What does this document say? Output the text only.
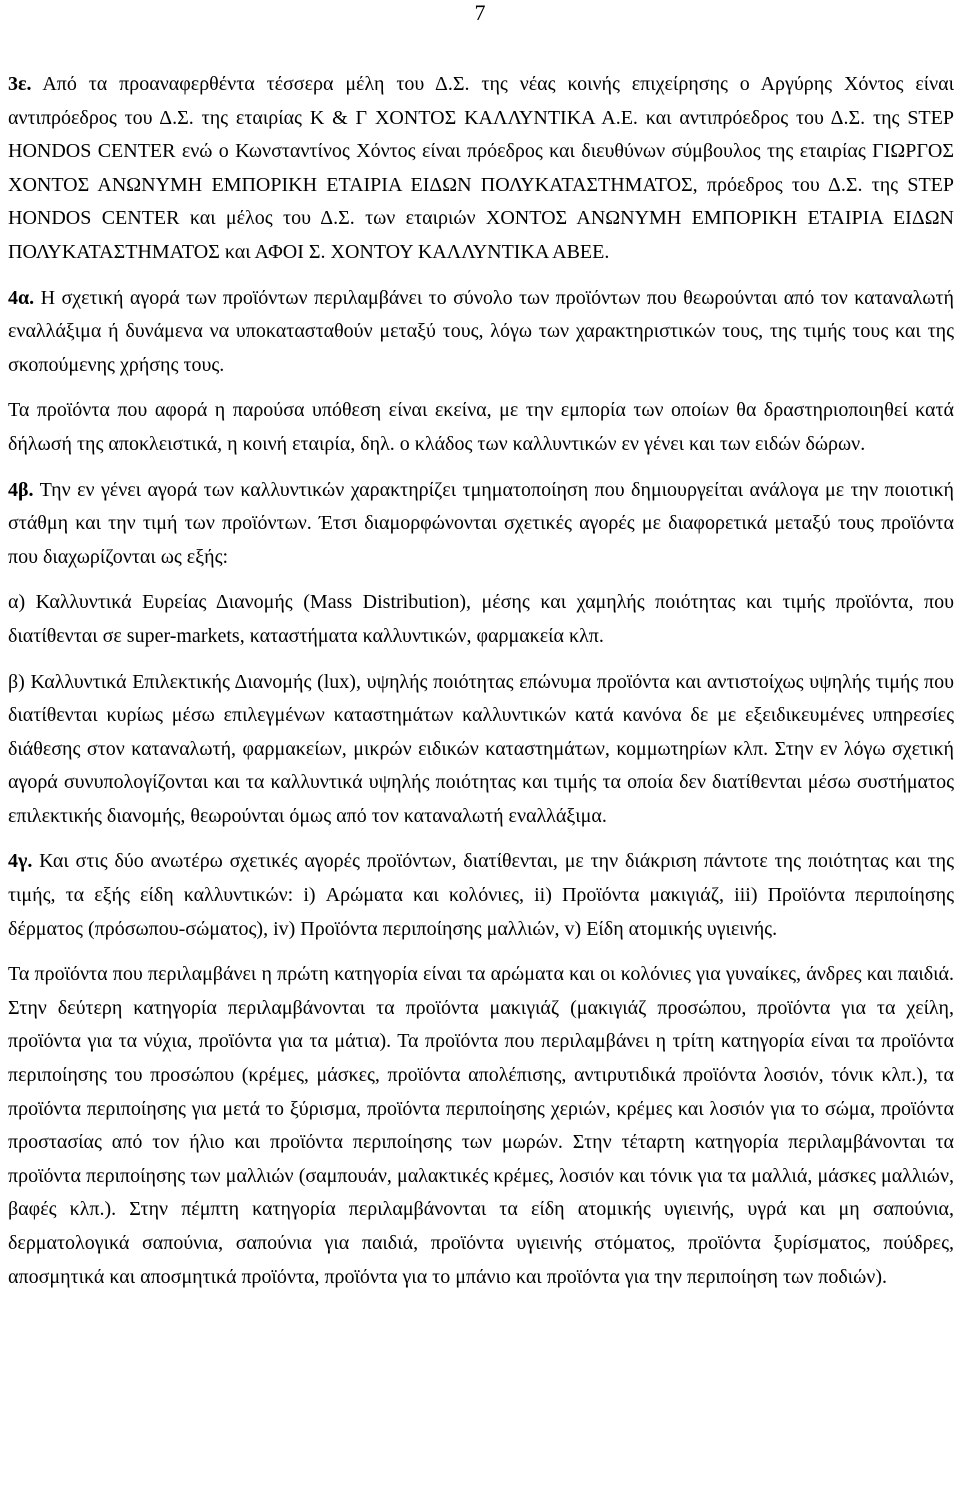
7

3ε. Από τα προαναφερθέντα τέσσερα μέλη του Δ.Σ. της νέας κοινής επιχείρησης ο Αργύρης Χόντος είναι αντιπρόεδρος του Δ.Σ. της εταιρίας Κ & Γ ΧΟΝΤΟΣ ΚΑΛΛΥΝΤΙΚΑ Α.Ε. και αντιπρόεδρος του Δ.Σ. της STEP HONDOS CENTER ενώ ο Κωνσταντίνος Χόντος είναι πρόεδρος και διευθύνων σύμβουλος της εταιρίας ΓΙΩΡΓΟΣ ΧΟΝΤΟΣ ΑΝΩΝΥΜΗ ΕΜΠΟΡΙΚΗ ΕΤΑΙΡΙΑ ΕΙΔΩΝ ΠΟΛΥΚΑΤΑΣΤΗΜΑΤΟΣ, πρόεδρος του Δ.Σ. της STEP HONDOS CENTER και μέλος του Δ.Σ. των εταιριών ΧΟΝΤΟΣ ΑΝΩΝΥΜΗ ΕΜΠΟΡΙΚΗ ΕΤΑΙΡΙΑ ΕΙΔΩΝ ΠΟΛΥΚΑΤΑΣΤΗΜΑΤΟΣ και ΑΦΟΙ Σ. ΧΟΝΤΟΥ ΚΑΛΛΥΝΤΙΚΑ ΑΒΕΕ.

4α. Η σχετική αγορά των προϊόντων περιλαμβάνει το σύνολο των προϊόντων που θεωρούνται από τον καταναλωτή εναλλάξιμα ή δυνάμενα να υποκατασταθούν μεταξύ τους, λόγω των χαρακτηριστικών τους, της τιμής τους και της σκοπούμενης χρήσης τους.

Τα προϊόντα που αφορά η παρούσα υπόθεση είναι εκείνα, με την εμπορία των οποίων θα δραστηριοποιηθεί κατά δήλωσή της αποκλειστικά, η κοινή εταιρία, δηλ. ο κλάδος των καλλυντικών εν γένει και των ειδών δώρων.

4β. Την εν γένει αγορά των καλλυντικών χαρακτηρίζει τμηματοποίηση που δημιουργείται ανάλογα με την ποιοτική στάθμη και την τιμή των προϊόντων. Έτσι διαμορφώνονται σχετικές αγορές με διαφορετικά μεταξύ τους προϊόντα που διαχωρίζονται ως εξής:

α) Καλλυντικά Ευρείας Διανομής (Mass Distribution), μέσης και χαμηλής ποιότητας και τιμής προϊόντα, που διατίθενται σε super-markets, καταστήματα καλλυντικών, φαρμακεία κλπ.

β) Καλλυντικά Επιλεκτικής Διανομής (lux), υψηλής ποιότητας επώνυμα προϊόντα και αντιστοίχως υψηλής τιμής που διατίθενται κυρίως μέσω επιλεγμένων καταστημάτων καλλυντικών κατά κανόνα δε με εξειδικευμένες υπηρεσίες διάθεσης στον καταναλωτή, φαρμακείων, μικρών ειδικών καταστημάτων, κομμωτηρίων κλπ. Στην εν λόγω σχετική αγορά συνυπολογίζονται και τα καλλυντικά υψηλής ποιότητας και τιμής τα οποία δεν διατίθενται μέσω συστήματος επιλεκτικής διανομής, θεωρούνται όμως από τον καταναλωτή εναλλάξιμα.

4γ. Και στις δύο ανωτέρω σχετικές αγορές προϊόντων, διατίθενται, με την διάκριση πάντοτε της ποιότητας και της τιμής, τα εξής είδη καλλυντικών: i) Αρώματα και κολόνιες, ii) Προϊόντα μακιγιάζ, iii) Προϊόντα περιποίησης δέρματος (πρόσωπου-σώματος), iv) Προϊόντα περιποίησης μαλλιών, v) Είδη ατομικής υγιεινής.

Τα προϊόντα που περιλαμβάνει η πρώτη κατηγορία είναι τα αρώματα και οι κολόνιες για γυναίκες, άνδρες και παιδιά. Στην δεύτερη κατηγορία περιλαμβάνονται τα προϊόντα μακιγιάζ (μακιγιάζ προσώπου, προϊόντα για τα χείλη, προϊόντα για τα νύχια, προϊόντα για τα μάτια). Τα προϊόντα που περιλαμβάνει η τρίτη κατηγορία είναι τα προϊόντα περιποίησης του προσώπου (κρέμες, μάσκες, προϊόντα απολέπισης, αντιρυτιδικά προϊόντα λοσιόν, τόνικ κλπ.), τα προϊόντα περιποίησης για μετά το ξύρισμα, προϊόντα περιποίησης χεριών, κρέμες και λοσιόν για το σώμα, προϊόντα προστασίας από τον ήλιο και προϊόντα περιποίησης των μωρών. Στην τέταρτη κατηγορία περιλαμβάνονται τα προϊόντα περιποίησης των μαλλιών (σαμπουάν, μαλακτικές κρέμες, λοσιόν και τόνικ για τα μαλλιά, μάσκες μαλλιών, βαφές κλπ.). Στην πέμπτη κατηγορία περιλαμβάνονται τα είδη ατομικής υγιεινής, υγρά και μη σαπούνια, δερματολογικά σαπούνια, σαπούνια για παιδιά, προϊόντα υγιεινής στόματος, προϊόντα ξυρίσματος, πούδρες, αποσμητικά και αποσμητικά προϊόντα, προϊόντα για το μπάνιο και προϊόντα για την περιποίηση των ποδιών).
